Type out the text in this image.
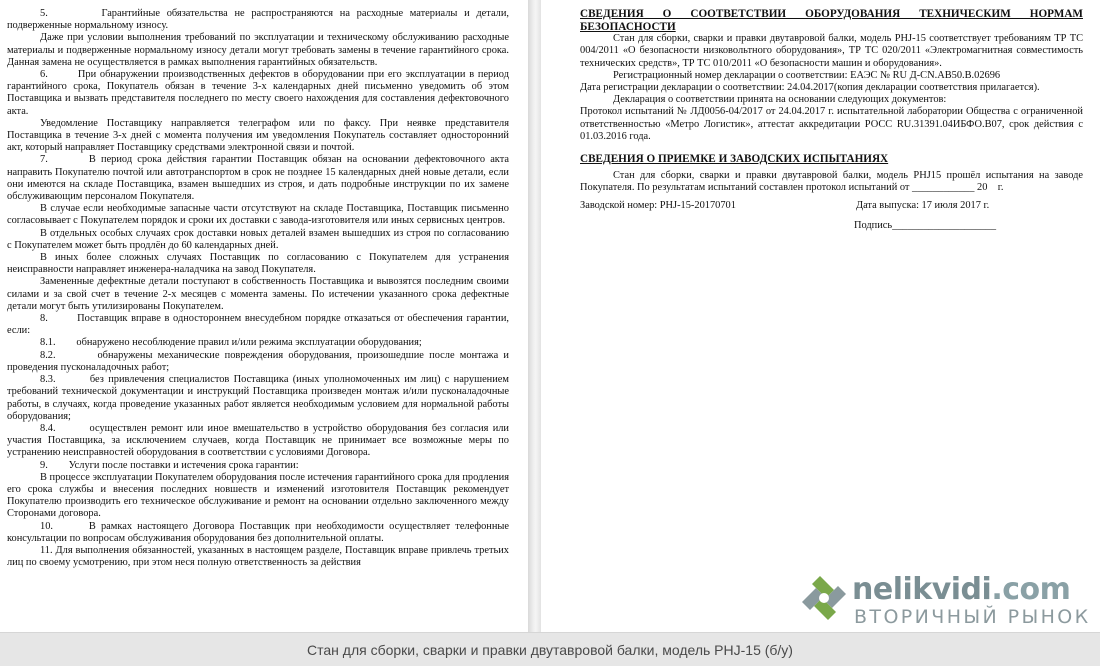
5.        Гарантийные обязательства не распространяются на расходные материалы и детали, подверженные нормальному износу.

Даже при условии выполнения требований по эксплуатации и техническому обслуживанию расходные материалы и подверженные нормальному износу детали могут требовать замены в течение гарантийного срока. Данная замена не осуществляется в рамках выполнения гарантийных обязательств.

6.        При обнаружении производственных дефектов в оборудовании при его эксплуатации в период гарантийного срока, Покупатель обязан в течение 3-х календарных дней письменно уведомить об этом Поставщика и вызвать представителя последнего по месту своего нахождения для составления дефектовочного акта.

Уведомление Поставщику направляется телеграфом или по факсу. При неявке представителя Поставщика в течение 3-х дней с момента получения им уведомления Покупатель составляет односторонний акт, который направляет Поставщику средствами электронной связи и почтой.

7.        В период срока действия гарантии Поставщик обязан на основании дефектовочного акта направить Покупателю почтой или автотранспортом в срок не позднее 15 календарных дней новые детали, если они имеются на складе Поставщика, взамен вышедших из строя, и дать подробные инструкции по их замене обслуживающим персоналом Покупателя.

В случае если необходимые запасные части отсутствуют на складе Поставщика, Поставщик письменно согласовывает с Покупателем порядок и сроки их доставки с завода-изготовителя или иных сервисных центров.

В отдельных особых случаях срок доставки новых деталей взамен вышедших из строя по согласованию с Покупателем может быть продлён до 60 календарных дней.

В иных более сложных случаях Поставщик по согласованию с Покупателем для устранения неисправности направляет инженера-наладчика на завод Покупателя.

Замененные дефектные детали поступают в собственность Поставщика и вывозятся последним своими силами и за свой счет в течение 2-х месяцев с момента замены. По истечении указанного срока дефектные детали могут быть утилизированы Покупателем.

8.        Поставщик вправе в одностороннем внесудебном порядке отказаться от обеспечения гарантии, если:

8.1.        обнаружено несоблюдение правил и/или режима эксплуатации оборудования;

8.2.        обнаружены механические повреждения оборудования, произошедшие после монтажа и проведения пусконаладочных работ;

8.3.        без привлечения специалистов Поставщика (иных уполномоченных им лиц) с нарушением требований технической документации и инструкций Поставщика произведен монтаж и/или пусконаладочные работы, в случаях, когда проведение указанных работ является необходимым условием для нормальной работы оборудования;

8.4.        осуществлен ремонт или иное вмешательство в устройство оборудования без согласия или участия Поставщика, за исключением случаев, когда Поставщик не принимает все возможные меры по устранению неисправностей оборудования в соответствии с условиями Договора.

9.        Услуги после поставки и истечения срока гарантии:

В процессе эксплуатации Покупателем оборудования после истечения гарантийного срока для продления его срока службы и внесения последних новшеств и изменений изготовителя Поставщик рекомендует Покупателю производить его техническое обслуживание и ремонт на основании отдельно заключенного между Сторонами договора.

10.       В рамках настоящего Договора Поставщик при необходимости осуществляет телефонные консультации по вопросам обслуживания оборудования без дополнительной оплаты.

11. Для выполнения обязанностей, указанных в настоящем разделе, Поставщик вправе привлечь третьих лиц по своему усмотрению, при этом неся полную ответственность за действия

СВЕДЕНИЯ О СООТВЕТСТВИИ ОБОРУДОВАНИЯ ТЕХНИЧЕСКИМ НОРМАМ БЕЗОПАСНОСТИ

Стан для сборки, сварки и правки двутавровой балки, модель PHJ-15 соответствует требованиям ТР ТС 004/2011 «О безопасности низковольтного оборудования», ТР ТС 020/2011 «Электромагнитная совместимость технических средств», ТР ТС 010/2011 «О безопасности машин и оборудования».

Регистрационный номер декларации о соответствии: ЕАЭС № RU Д-CN.АВ50.В.02696

Дата регистрации декларации о соответствии: 24.04.2017(копия декларации соответствия прилагается).

Декларация о соответствии принята на основании следующих документов:

Протокол испытаний № ЛД0056-04/2017 от 24.04.2017 г. испытательной лаборатории Общества с ограниченной ответственностью «Метро Логистик», аттестат аккредитации РОСС RU.31391.04ИБФО.В07, срок действия с 01.03.2016 года.

СВЕДЕНИЯ О ПРИЕМКЕ И ЗАВОДСКИХ ИСПЫТАНИЯХ

Стан для сборки, сварки и правки двутавровой балки, модель PHJ15 прошёл испытания на заводе Покупателя. По результатам испытаний составлен протокол испытаний от ____________ 20    г.

Заводской номер: PHJ-15-20170701	Дата выпуска: 17 июля 2017 г.
Подпись____________________
nelikvidi.com
ВТОРИЧНЫЙ РЫНОК
Стан для сборки, сварки и правки двутавровой балки, модель PHJ-15 (б/у)
